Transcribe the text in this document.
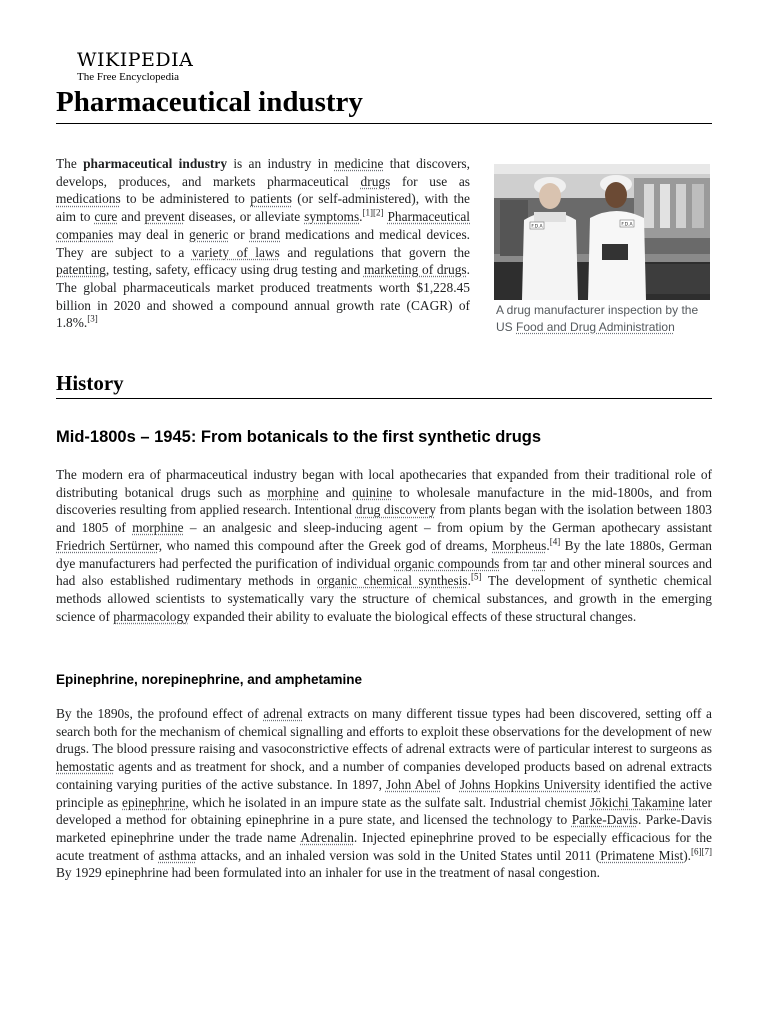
WIKIPEDIA
The Free Encyclopedia
Pharmaceutical industry

The pharmaceutical industry is an industry in medicine that discovers, develops, produces, and markets pharmaceutical drugs for use as medications to be administered to patients (or self-administered), with the aim to cure and prevent diseases, or alleviate symptoms.[1][2] Pharmaceutical companies may deal in generic or brand medications and medical devices. They are subject to a variety of laws and regulations that govern the patenting, testing, safety, efficacy using drug testing and marketing of drugs. The global pharmaceuticals market produced treatments worth $1,228.45 billion in 2020 and showed a compound annual growth rate (CAGR) of 1.8%.[3]

F.D.A	F.D.A
A drug manufacturer inspection by the US Food and Drug Administration
History
Mid-1800s – 1945: From botanicals to the first synthetic drugs

The modern era of pharmaceutical industry began with local apothecaries that expanded from their traditional role of distributing botanical drugs such as morphine and quinine to wholesale manufacture in the mid-1800s, and from discoveries resulting from applied research. Intentional drug discovery from plants began with the isolation between 1803 and 1805 of morphine – an analgesic and sleep-inducing agent – from opium by the German apothecary assistant Friedrich Sertürner, who named this compound after the Greek god of dreams, Morpheus.[4] By the late 1880s, German dye manufacturers had perfected the purification of individual organic compounds from tar and other mineral sources and had also established rudimentary methods in organic chemical synthesis.[5] The development of synthetic chemical methods allowed scientists to systematically vary the structure of chemical substances, and growth in the emerging science of pharmacology expanded their ability to evaluate the biological effects of these structural changes.

Epinephrine, norepinephrine, and amphetamine

By the 1890s, the profound effect of adrenal extracts on many different tissue types had been discovered, setting off a search both for the mechanism of chemical signalling and efforts to exploit these observations for the development of new drugs. The blood pressure raising and vasoconstrictive effects of adrenal extracts were of particular interest to surgeons as hemostatic agents and as treatment for shock, and a number of companies developed products based on adrenal extracts containing varying purities of the active substance. In 1897, John Abel of Johns Hopkins University identified the active principle as epinephrine, which he isolated in an impure state as the sulfate salt. Industrial chemist Jōkichi Takamine later developed a method for obtaining epinephrine in a pure state, and licensed the technology to Parke-Davis. Parke-Davis marketed epinephrine under the trade name Adrenalin. Injected epinephrine proved to be especially efficacious for the acute treatment of asthma attacks, and an inhaled version was sold in the United States until 2011 (Primatene Mist).[6][7] By 1929 epinephrine had been formulated into an inhaler for use in the treatment of nasal congestion.
